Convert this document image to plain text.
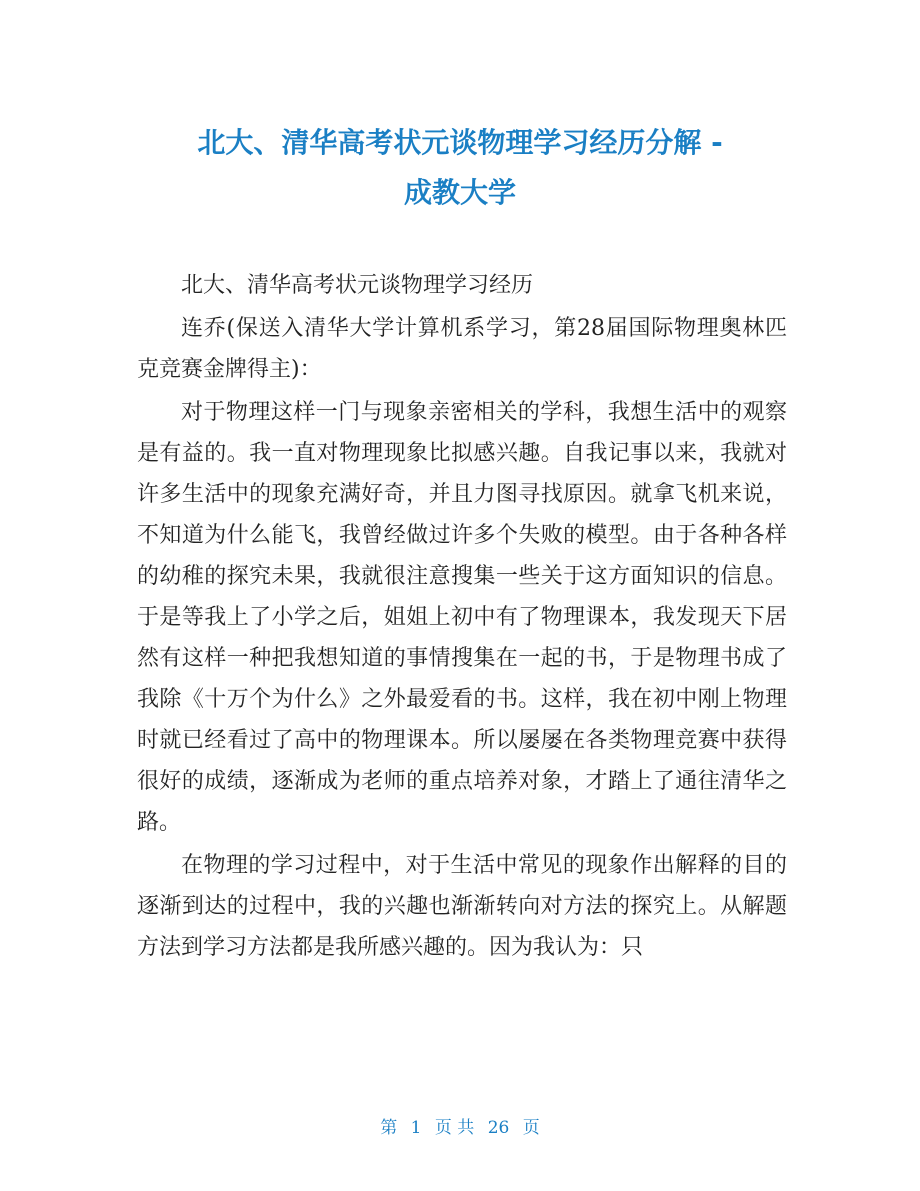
北大、清华高考状元谈物理学习经历分解 -
成教大学

北大、清华高考状元谈物理学习经历

连乔(保送入清华大学计算机系学习，第28届国际物理奥林匹克竞赛金牌得主)：

对于物理这样一门与现象亲密相关的学科，我想生活中的观察是有益的。我一直对物理现象比拟感兴趣。自我记事以来，我就对许多生活中的现象充满好奇，并且力图寻找原因。就拿飞机来说，不知道为什么能飞，我曾经做过许多个失败的模型。由于各种各样的幼稚的探究未果，我就很注意搜集一些关于这方面知识的信息。于是等我上了小学之后，姐姐上初中有了物理课本，我发现天下居然有这样一种把我想知道的事情搜集在一起的书，于是物理书成了我除《十万个为什么》之外最爱看的书。这样，我在初中刚上物理时就已经看过了高中的物理课本。所以屡屡在各类物理竞赛中获得很好的成绩，逐渐成为老师的重点培养对象，才踏上了通往清华之路。

在物理的学习过程中，对于生活中常见的现象作出解释的目的逐渐到达的过程中，我的兴趣也渐渐转向对方法的探究上。从解题方法到学习方法都是我所感兴趣的。因为我认为：只

第 1 页 共 26 页
